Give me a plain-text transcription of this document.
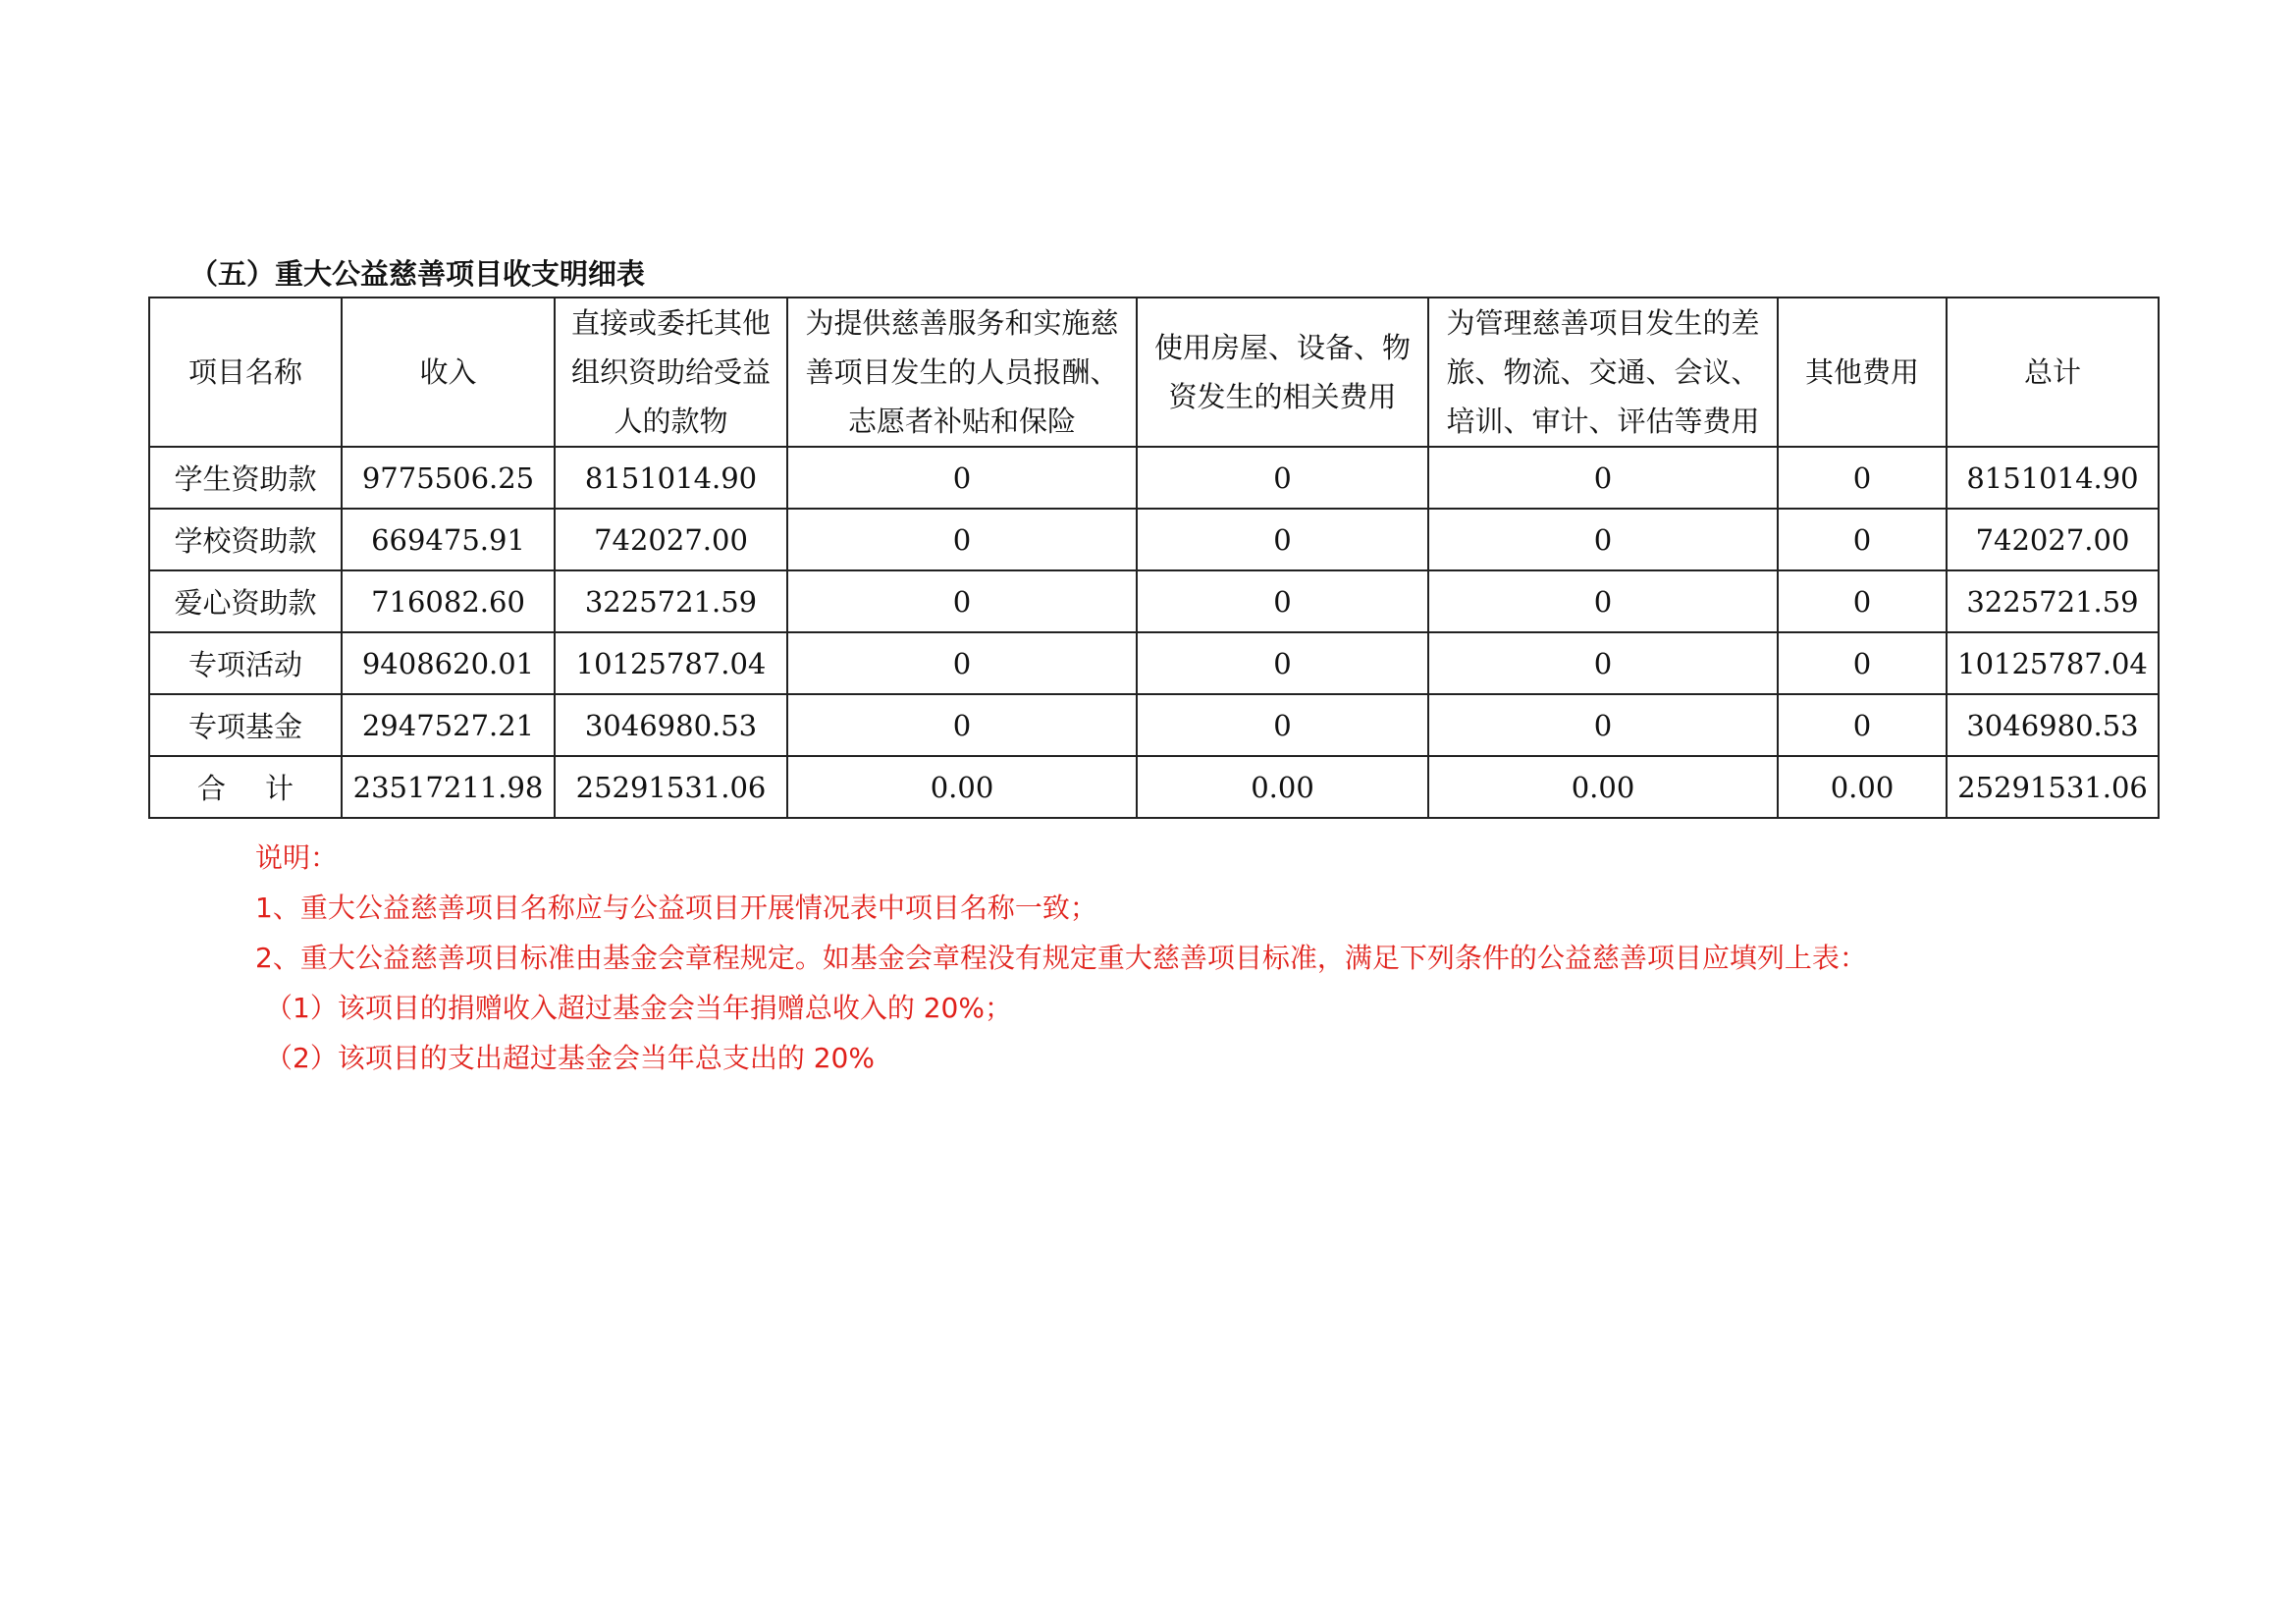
（五）重大公益慈善项目收支明细表
项目名称	收入	直接或委托其他组织资助给受益人的款物	为提供慈善服务和实施慈善项目发生的人员报酬、志愿者补贴和保险	使用房屋、设备、物资发生的相关费用	为管理慈善项目发生的差旅、物流、交通、会议、培训、审计、评估等费用	其他费用	总计
学生资助款	9775506.25	8151014.90	0	0	0	0	8151014.90
学校资助款	669475.91	742027.00	0	0	0	0	742027.00
爱心资助款	716082.60	3225721.59	0	0	0	0	3225721.59
专项活动	9408620.01	10125787.04	0	0	0	0	10125787.04
专项基金	2947527.21	3046980.53	0	0	0	0	3046980.53
合计	23517211.98	25291531.06	0.00	0.00	0.00	0.00	25291531.06
说明：
1、重大公益慈善项目名称应与公益项目开展情况表中项目名称一致；
2、重大公益慈善项目标准由基金会章程规定。如基金会章程没有规定重大慈善项目标准，满足下列条件的公益慈善项目应填列上表：
（1）该项目的捐赠收入超过基金会当年捐赠总收入的 20%；
（2）该项目的支出超过基金会当年总支出的 20%
